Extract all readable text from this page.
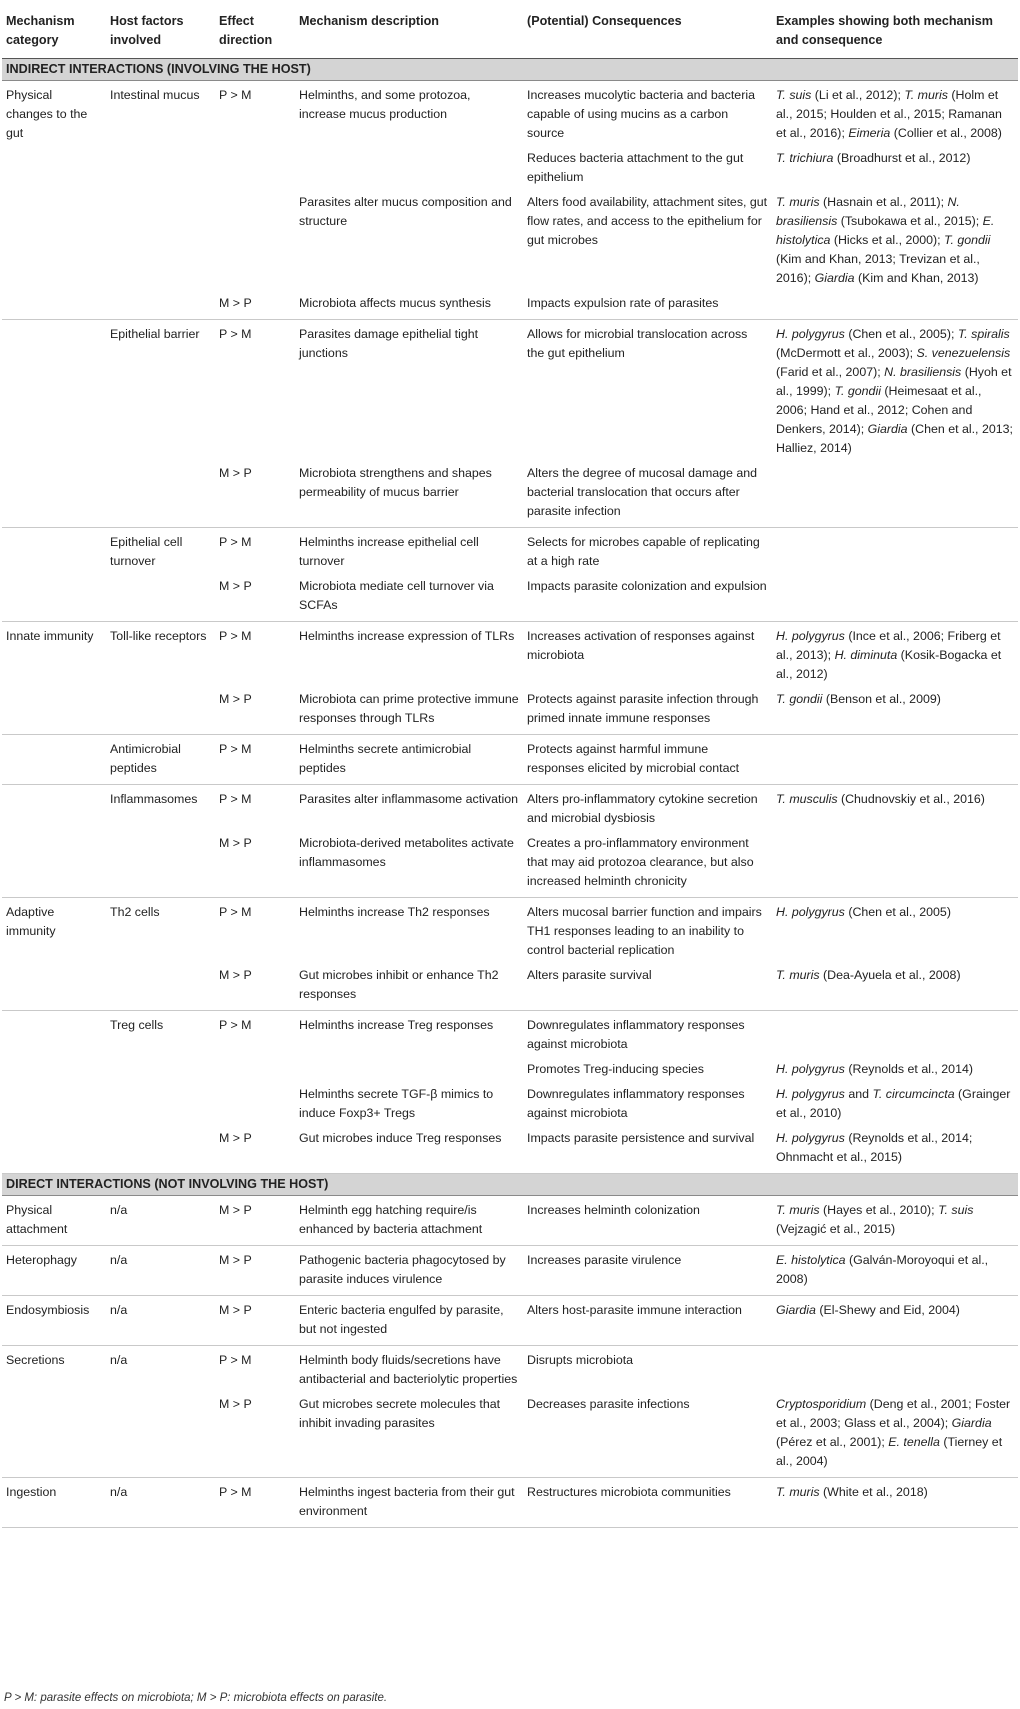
Mechanism category	Host factors involved	Effect direction	Mechanism description	(Potential) Consequences	Examples showing both mechanism and consequence
INDIRECT INTERACTIONS (INVOLVING THE HOST)					
Physical changes to the gut	Intestinal mucus	P > M	Helminths, and some protozoa, increase mucus production	Increases mucolytic bacteria and bacteria capable of using mucins as a carbon source	T. suis (Li et al., 2012); T. muris (Holm et al., 2015; Houlden et al., 2015; Ramanan et al., 2016); Eimeria (Collier et al., 2008)
				Reduces bacteria attachment to the gut epithelium	T. trichiura (Broadhurst et al., 2012)
			Parasites alter mucus composition and structure	Alters food availability, attachment sites, gut flow rates, and access to the epithelium for gut microbes	T. muris (Hasnain et al., 2011); N. brasiliensis (Tsubokawa et al., 2015); E. histolytica (Hicks et al., 2000); T. gondii (Kim and Khan, 2013; Trevizan et al., 2016); Giardia (Kim and Khan, 2013)
		M > P	Microbiota affects mucus synthesis	Impacts expulsion rate of parasites	
	Epithelial barrier	P > M	Parasites damage epithelial tight junctions	Allows for microbial translocation across the gut epithelium	H. polygyrus (Chen et al., 2005); T. spiralis (McDermott et al., 2003); S. venezuelensis (Farid et al., 2007); N. brasiliensis (Hyoh et al., 1999); T. gondii (Heimesaat et al., 2006; Hand et al., 2012; Cohen and Denkers, 2014); Giardia (Chen et al., 2013; Halliez, 2014)
		M > P	Microbiota strengthens and shapes permeability of mucus barrier	Alters the degree of mucosal damage and bacterial translocation that occurs after parasite infection	
	Epithelial cell turnover	P > M	Helminths increase epithelial cell turnover	Selects for microbes capable of replicating at a high rate	
		M > P	Microbiota mediate cell turnover via SCFAs	Impacts parasite colonization and expulsion	
Innate immunity	Toll-like receptors	P > M	Helminths increase expression of TLRs	Increases activation of responses against microbiota	H. polygyrus (Ince et al., 2006; Friberg et al., 2013); H. diminuta (Kosik-Bogacka et al., 2012)
		M > P	Microbiota can prime protective immune responses through TLRs	Protects against parasite infection through primed innate immune responses	T. gondii (Benson et al., 2009)
	Antimicrobial peptides	P > M	Helminths secrete antimicrobial peptides	Protects against harmful immune responses elicited by microbial contact	
	Inflammasomes	P > M	Parasites alter inflammasome activation	Alters pro-inflammatory cytokine secretion and microbial dysbiosis	T. musculis (Chudnovskiy et al., 2016)
		M > P	Microbiota-derived metabolites activate inflammasomes	Creates a pro-inflammatory environment that may aid protozoa clearance, but also increased helminth chronicity	
Adaptive immunity	Th2 cells	P > M	Helminths increase Th2 responses	Alters mucosal barrier function and impairs TH1 responses leading to an inability to control bacterial replication	H. polygyrus (Chen et al., 2005)
		M > P	Gut microbes inhibit or enhance Th2 responses	Alters parasite survival	T. muris (Dea-Ayuela et al., 2008)
	Treg cells	P > M	Helminths increase Treg responses	Downregulates inflammatory responses against microbiota	
				Promotes Treg-inducing species	H. polygyrus (Reynolds et al., 2014)
			Helminths secrete TGF-β mimics to induce Foxp3+ Tregs	Downregulates inflammatory responses against microbiota	H. polygyrus and T. circumcincta (Grainger et al., 2010)
		M > P	Gut microbes induce Treg responses	Impacts parasite persistence and survival	H. polygyrus (Reynolds et al., 2014; Ohnmacht et al., 2015)
DIRECT INTERACTIONS (NOT INVOLVING THE HOST)					
Physical attachment	n/a	M > P	Helminth egg hatching require/is enhanced by bacteria attachment	Increases helminth colonization	T. muris (Hayes et al., 2010); T. suis (Vejzagić et al., 2015)
Heterophagy	n/a	M > P	Pathogenic bacteria phagocytosed by parasite induces virulence	Increases parasite virulence	E. histolytica (Galván-Moroyoqui et al., 2008)
Endosymbiosis	n/a	M > P	Enteric bacteria engulfed by parasite, but not ingested	Alters host-parasite immune interaction	Giardia (El-Shewy and Eid, 2004)
Secretions	n/a	P > M	Helminth body fluids/secretions have antibacterial and bacteriolytic properties	Disrupts microbiota	
		M > P	Gut microbes secrete molecules that inhibit invading parasites	Decreases parasite infections	Cryptosporidium (Deng et al., 2001; Foster et al., 2003; Glass et al., 2004); Giardia (Pérez et al., 2001); E. tenella (Tierney et al., 2004)
Ingestion	n/a	P > M	Helminths ingest bacteria from their gut environment	Restructures microbiota communities	T. muris (White et al., 2018)
P > M: parasite effects on microbiota; M > P: microbiota effects on parasite.
